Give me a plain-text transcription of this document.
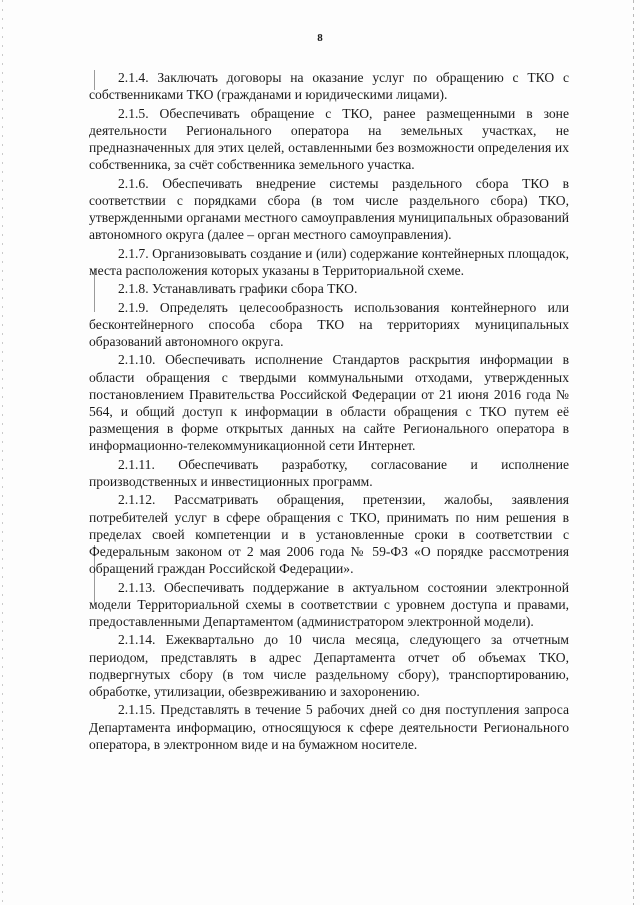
8

2.1.4. Заключать договоры на оказание услуг по обращению с ТКО с собственниками ТКО (гражданами и юридическими лицами).

2.1.5. Обеспечивать обращение с ТКО, ранее размещенными в зоне деятельности Регионального оператора на земельных участках, не предназначенных для этих целей, оставленными без возможности определения их собственника, за счёт собственника земельного участка.

2.1.6. Обеспечивать внедрение системы раздельного сбора ТКО в соответствии с порядками сбора (в том числе раздельного сбора) ТКО, утвержденными органами местного самоуправления муниципальных образований автономного округа (далее – орган местного самоуправления).

2.1.7. Организовывать создание и (или) содержание контейнерных площадок, места расположения которых указаны в Территориальной схеме.

2.1.8. Устанавливать графики сбора ТКО.

2.1.9. Определять целесообразность использования контейнерного или бесконтейнерного способа сбора ТКО на территориях муниципальных образований автономного округа.

2.1.10. Обеспечивать исполнение Стандартов раскрытия информации в области обращения с твердыми коммунальными отходами, утвержденных постановлением Правительства Российской Федерации от 21 июня 2016 года № 564, и общий доступ к информации в области обращения с ТКО путем её размещения в форме открытых данных на сайте Регионального оператора в информационно-телекоммуникационной сети Интернет.

2.1.11. Обеспечивать разработку, согласование и исполнение производственных и инвестиционных программ.

2.1.12. Рассматривать обращения, претензии, жалобы, заявления потребителей услуг в сфере обращения с ТКО, принимать по ним решения в пределах своей компетенции и в установленные сроки в соответствии с Федеральным законом от 2 мая 2006 года № 59-ФЗ «О порядке рассмотрения обращений граждан Российской Федерации».

2.1.13. Обеспечивать поддержание в актуальном состоянии электронной модели Территориальной схемы в соответствии с уровнем доступа и правами, предоставленными Департаментом (администратором электронной модели).

2.1.14. Ежеквартально до 10 числа месяца, следующего за отчетным периодом, представлять в адрес Департамента отчет об объемах ТКО, подвергнутых сбору (в том числе раздельному сбору), транспортированию, обработке, утилизации, обезвреживанию и захоронению.

2.1.15. Представлять в течение 5 рабочих дней со дня поступления запроса Департамента информацию, относящуюся к сфере деятельности Регионального оператора, в электронном виде и на бумажном носителе.
